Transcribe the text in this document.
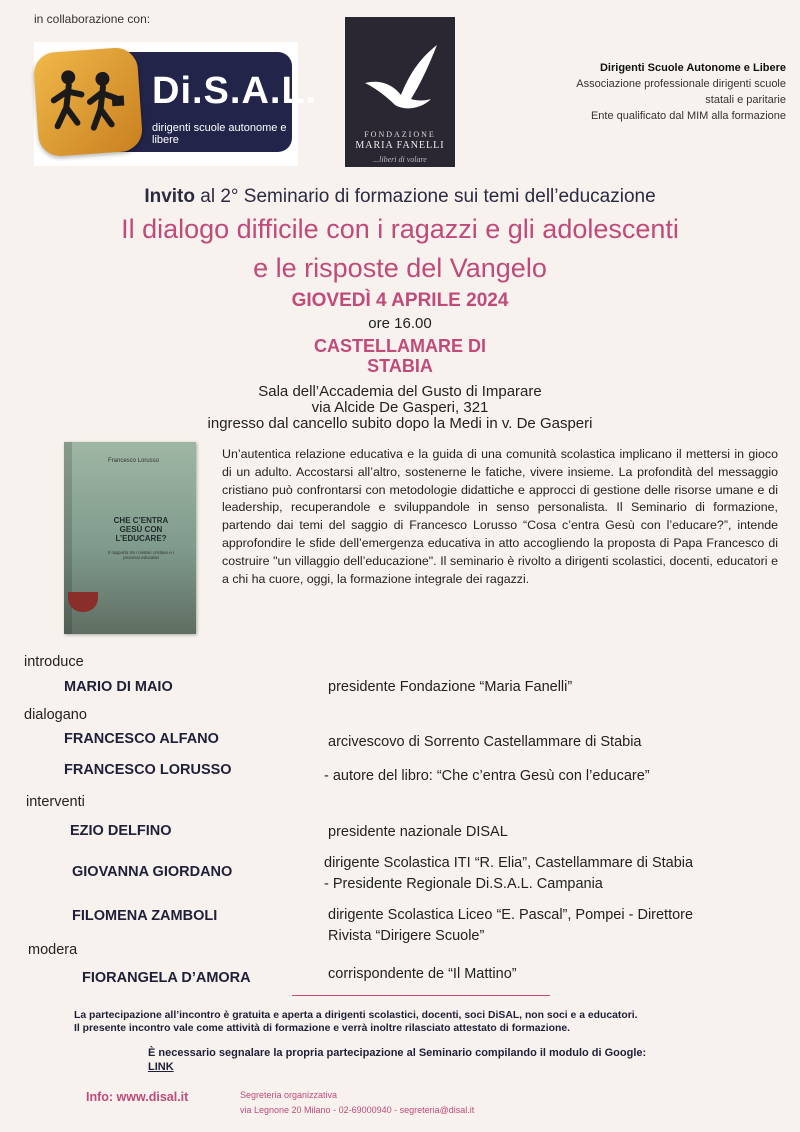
in collaborazione con:
Di.S.A.L.
dirigenti scuole autonome e libere	FONDAZIONE
MARIA FANELLI
...liberi di volare
Dirigenti Scuole Autonome e Libere
Associazione professionale dirigenti scuole
statali e paritarie
Ente qualificato dal MIM alla formazione
Invito al 2° Seminario di formazione sui temi dell’educazione
Il dialogo difficile con i ragazzi e gli adolescenti
e le risposte del Vangelo
GIOVEDÌ 4 APRILE 2024
ore 16.00
CASTELLAMARE DI
STABIA
Sala dell’Accademia del Gusto di Imparare
via Alcide De Gasperi, 321
ingresso dal cancello subito dopo la Medi in v. De Gasperi
Francesco Lorusso
CHE C’ENTRA GESÙ CON L’EDUCARE?
Il rapporto tra i misteri cristiani e i processi educativi
Un’autentica relazione educativa e la guida di una comunità scolastica implicano il mettersi in gioco di un adulto. Accostarsi all’altro, sostenerne le fatiche, vivere insieme. La profondità del messaggio cristiano può confrontarsi con metodologie didattiche e approcci di gestione delle risorse umane e di leadership, recuperandole e sviluppandole in senso personalista. Il Seminario di formazione, partendo dai temi del saggio di Francesco Lorusso “Cosa c’entra Gesù con l’educare?”, intende approfondire le sfide dell’emergenza educativa in atto accogliendo la proposta di Papa Francesco di costruire "un villaggio dell’educazione". Il seminario è rivolto a dirigenti scolastici, docenti, educatori e a chi ha cuore, oggi, la formazione integrale dei ragazzi.
introduce
MARIO DI MAIO	presidente Fondazione “Maria Fanelli”
dialogano
FRANCESCO ALFANO	arcivescovo di Sorrento Castellammare di Stabia
FRANCESCO LORUSSO	- autore del libro: “Che c’entra Gesù con l’educare”
interventi
EZIO DELFINO	presidente nazionale DISAL
GIOVANNA GIORDANO
dirigente Scolastica ITI “R. Elia”, Castellammare di Stabia
- Presidente Regionale Di.S.A.L. Campania
FILOMENA ZAMBOLI	dirigente Scolastica Liceo “E. Pascal”, Pompei - Direttore
Rivista “Dirigere Scuole”
modera
FIORANGELA D’AMORA	corrispondente de “Il Mattino”
La partecipazione all’incontro è gratuita e aperta a dirigenti scolastici, docenti, soci DiSAL, non soci e a educatori.
Il presente incontro vale come attività di formazione e verrà inoltre rilasciato attestato di formazione.
È necessario segnalare la propria partecipazione al Seminario compilando il modulo di Google:
LINK
Info: www.disal.it	Segreteria organizzativa
via Legnone 20 Milano - 02-69000940 - segreteria@disal.it
